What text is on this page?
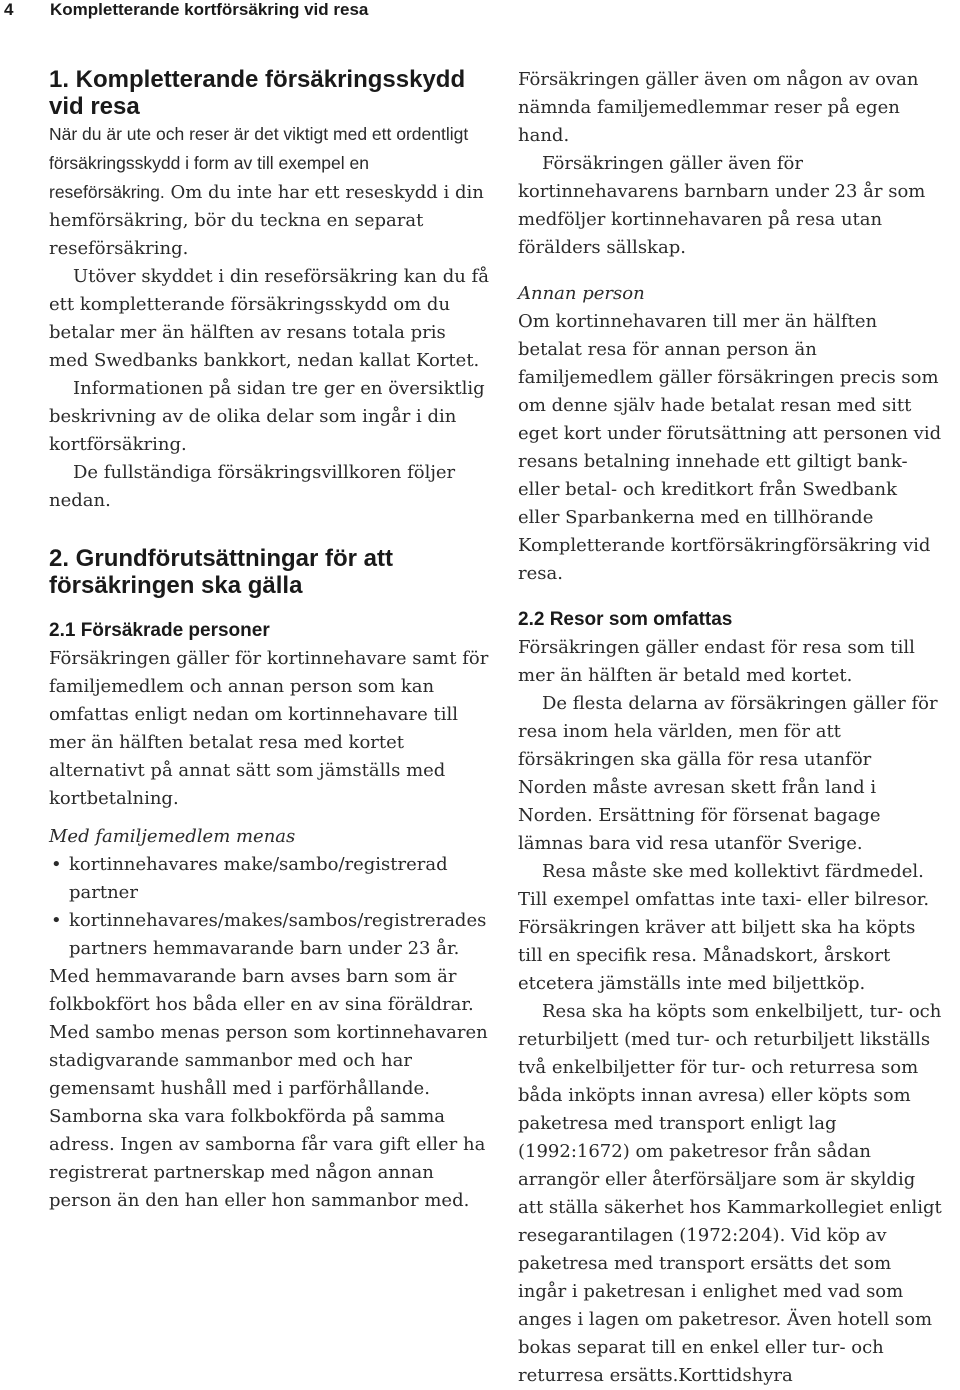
4 Kompletterande kortförsäkring vid resa
1. Kompletterande försäkringsskydd vid resa

När du är ute och reser är det viktigt med ett ordentligt försäkringsskydd i form av till exempel en reseförsäkring. Om du inte har ett reseskydd i din hemförsäkring, bör du teckna en separat reseförsäkring.

Utöver skyddet i din reseförsäkring kan du få ett kompletterande försäkringsskydd om du betalar mer än hälften av resans totala pris med Swedbanks bankkort, nedan kallat Kortet.

Informationen på sidan tre ger en översiktlig beskrivning av de olika delar som ingår i din kortförsäkring.

De fullständiga försäkringsvillkoren följer nedan.

2. Grundförutsättningar för att försäkringen ska gälla
2.1 Försäkrade personer

Försäkringen gäller för kortinnehavare samt för familjemedlem och annan person som kan omfattas enligt nedan om kortinnehavare till mer än hälften betalat resa med kortet alternativt på annat sätt som jämställs med kortbetalning.

Med familjemedlem menas

• kortinnehavares make/sambo/registrerad partner
• kortinnehavares/makes/sambos/registrerades partners hemmavarande barn under 23 år.

Med hemmavarande barn avses barn som är folkbokfört hos båda eller en av sina föräldrar. Med sambo menas person som kortinnehavaren stadigvarande sammanbor med och har gemensamt hushåll med i parförhållande. Samborna ska vara folkbokförda på samma adress. Ingen av samborna får vara gift eller ha registrerat partnerskap med någon annan person än den han eller hon sammanbor med.

Försäkringen gäller även om någon av ovan nämnda familjemedlemmar reser på egen hand.

Försäkringen gäller även för kortinnehavarens barnbarn under 23 år som medföljer kortinnehavaren på resa utan förälders sällskap.

Annan person

Om kortinnehavaren till mer än hälften betalat resa för annan person än familjemedlem gäller försäkringen precis som om denne själv hade betalat resan med sitt eget kort under förutsättning att personen vid resans betalning innehade ett giltigt bank- eller betal- och kreditkort från Swedbank eller Sparbankerna med en tillhörande Kompletterande kortförsäkringförsäkring vid resa.

2.2 Resor som omfattas

Försäkringen gäller endast för resa som till mer än hälften är betald med kortet.

De flesta delarna av försäkringen gäller för resa inom hela världen, men för att försäkringen ska gälla för resa utanför Norden måste avresan skett från land i Norden. Ersättning för försenat bagage lämnas bara vid resa utanför Sverige.

Resa måste ske med kollektivt färdmedel. Till exempel omfattas inte taxi- eller bilresor. Försäkringen kräver att biljett ska ha köpts till en specifik resa. Månadskort, årskort etcetera jämställs inte med biljettköp.

Resa ska ha köpts som enkelbiljett, tur- och returbiljett (med tur- och returbiljett likställs två enkelbiljetter för tur- och returresa som båda inköpts innan avresa) eller köpts som paketresa med transport enligt lag (1992:1672) om paketresor från sådan arrangör eller återförsäljare som är skyldig att ställa säkerhet hos Kammarkollegiet enligt resegarantilagen (1972:204). Vid köp av paketresa med transport ersätts det som ingår i paketresan i enlighet med vad som anges i lagen om paketresor. Även hotell som bokas separat till en enkel eller tur- och returresa ersätts.Korttidshyra
